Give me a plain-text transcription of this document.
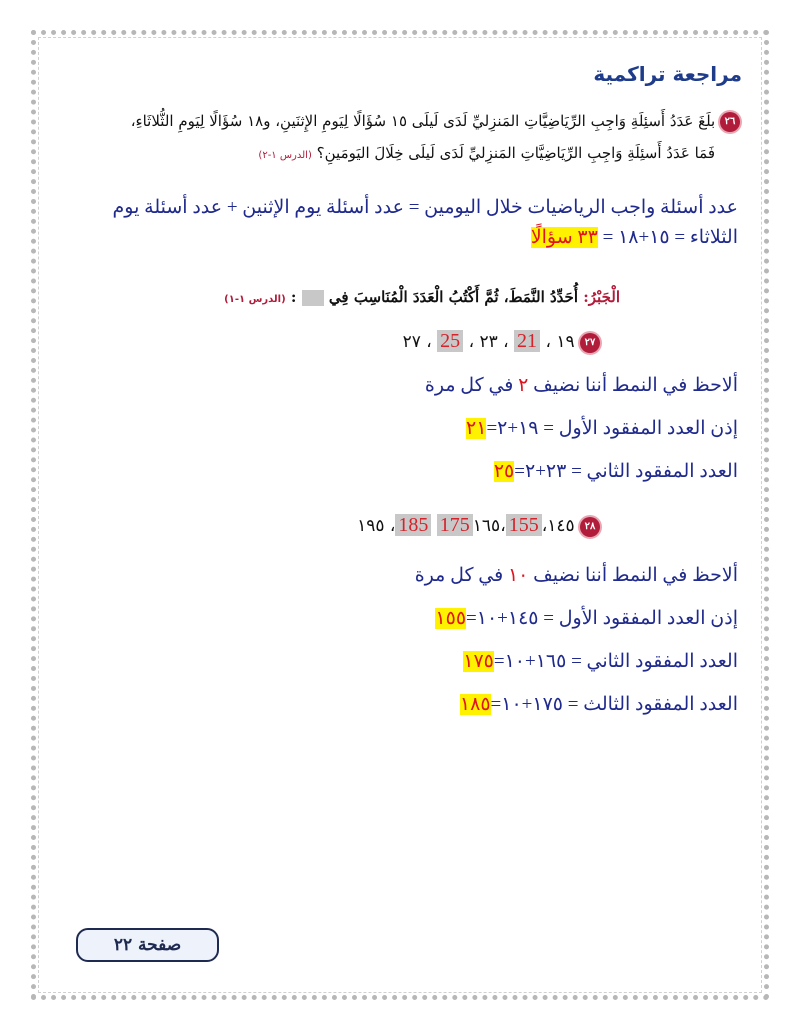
مراجعة تراكمية
٢٦ بلَغَ عَدَدُ أَسئِلَةِ وَاجِبِ الرِّيَاضِيَّاتِ المَنزِليِّ لَدَى لَيلَى ١٥ سُؤَالًا لِيَومِ الإِثنَينِ، و١٨ سُؤَالًا لِيَومِ الثُّلاثَاءِ،
فَمَا عَدَدُ أَسئِلَةِ وَاجِبِ الرِّيَاضِيَّاتِ المَنزِليِّ لَدَى لَيلَى خِلَالَ اليَومَينِ؟ (الدرس ١-٢)
عدد أسئلة واجب الرياضيات خلال اليومين = عدد أسئلة يوم الإثنين + عدد أسئلة يوم
الثلاثاء = ١٥+١٨ = ٣٣ سؤالًا
الْجَبْرُ: أُحَدِّدُ النَّمَطَ، ثُمَّ أَكْتُبُ الْعَدَدَ الْمُنَاسِبَ فِي  : (الدرس ١-١)
٢٧ ١٩ ، 21 ، ٢٣ ، 25 ، ٢٧
ألاحظ في النمط أننا نضيف ٢ في كل مرة
إذن العدد المفقود الأول = ١٩+٢=٢١
العدد المفقود الثاني = ٢٣+٢=٢٥
٢٨ ١٤٥،155،١٦٥175 185، ١٩٥
ألاحظ في النمط أننا نضيف ١٠ في كل مرة
إذن العدد المفقود الأول = ١٤٥+١٠=١٥٥
العدد المفقود الثاني = ١٦٥+١٠=١٧٥
العدد المفقود الثالث = ١٧٥+١٠=١٨٥
صفحة ٢٢
